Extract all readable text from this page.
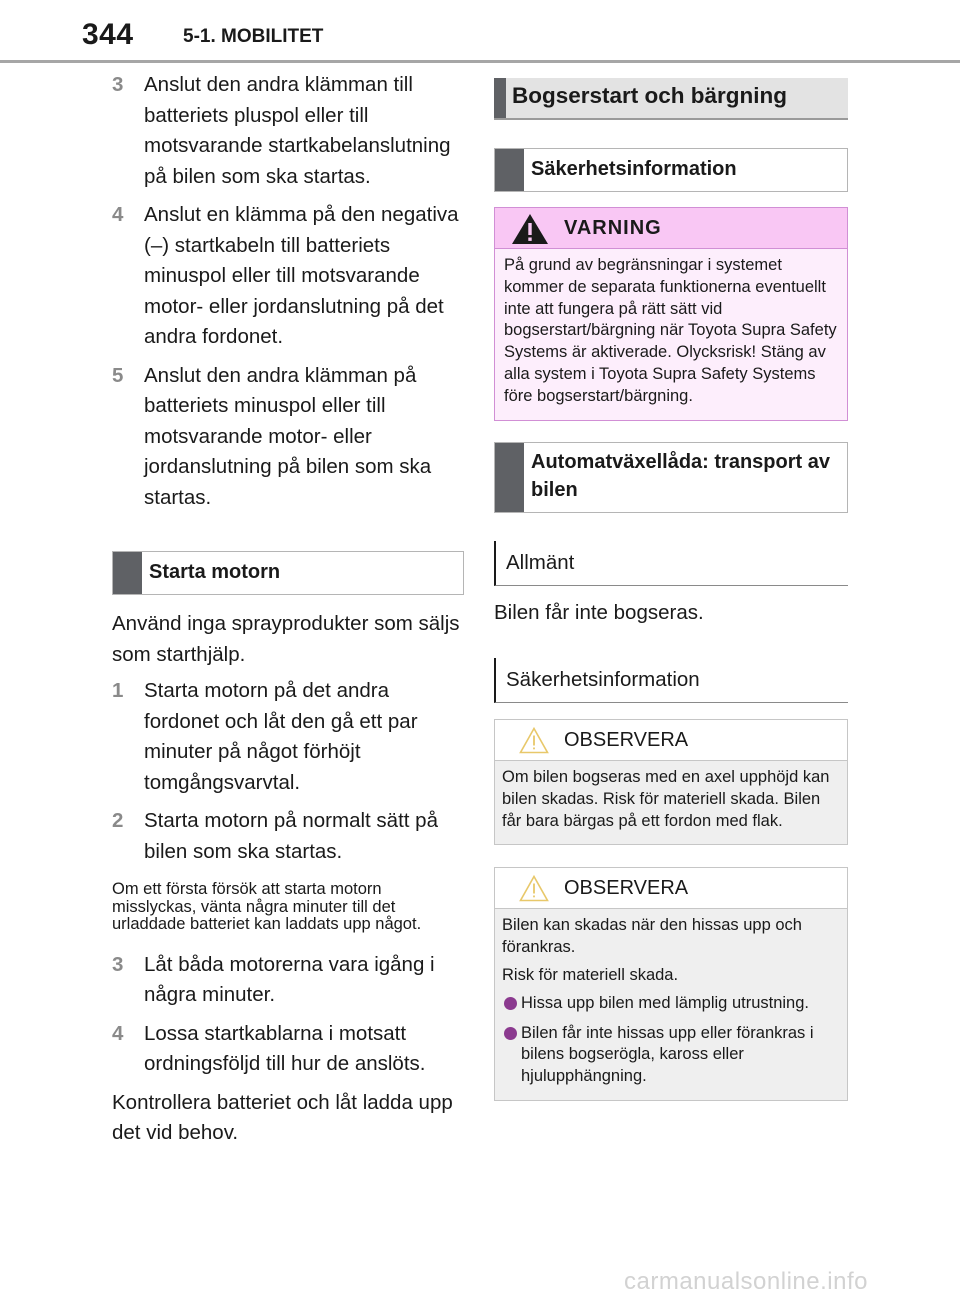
344	5-1. MOBILITET
3 Anslut den andra klämman till batteriets pluspol eller till motsvarande startkabelanslutning på bilen som ska startas.
4 Anslut en klämma på den negativa (–) startkabeln till batteriets minuspol eller till motsvarande motor- eller jordanslutning på det andra fordonet.
5 Anslut den andra klämman på batteriets minuspol eller till motsvarande motor- eller jordanslutning på bilen som ska startas.
Starta motorn
Använd inga sprayprodukter som säljs som starthjälp.
1 Starta motorn på det andra fordonet och låt den gå ett par minuter på något förhöjt tomgångsvarvtal.
2 Starta motorn på normalt sätt på bilen som ska startas.
Om ett första försök att starta motorn misslyckas, vänta några minuter till det urladdade batteriet kan laddats upp något.
3 Låt båda motorerna vara igång i några minuter.
4 Lossa startkablarna i motsatt ordningsföljd till hur de anslöts.
Kontrollera batteriet och låt ladda upp det vid behov.
Bogserstart och bärgning
Säkerhetsinformation
VARNING
På grund av begränsningar i systemet kommer de separata funktionerna eventuellt inte att fungera på rätt sätt vid bogserstart/bärgning när Toyota Supra Safety Systems är aktiverade. Olycksrisk! Stäng av alla system i Toyota Supra Safety Systems före bogserstart/bärgning.
Automatväxellåda: transport av bilen
Allmänt
Bilen får inte bogseras.
Säkerhetsinformation
OBSERVERA
Om bilen bogseras med en axel upphöjd kan bilen skadas. Risk för materiell skada. Bilen får bara bärgas på ett fordon med flak.
OBSERVERA

Bilen kan skadas när den hissas upp och förankras.

Risk för materiell skada.

Hissa upp bilen med lämplig utrustning.
Bilen får inte hissas upp eller förankras i bilens bogserögla, kaross eller hjulupphängning.
carmanualsonline.info
